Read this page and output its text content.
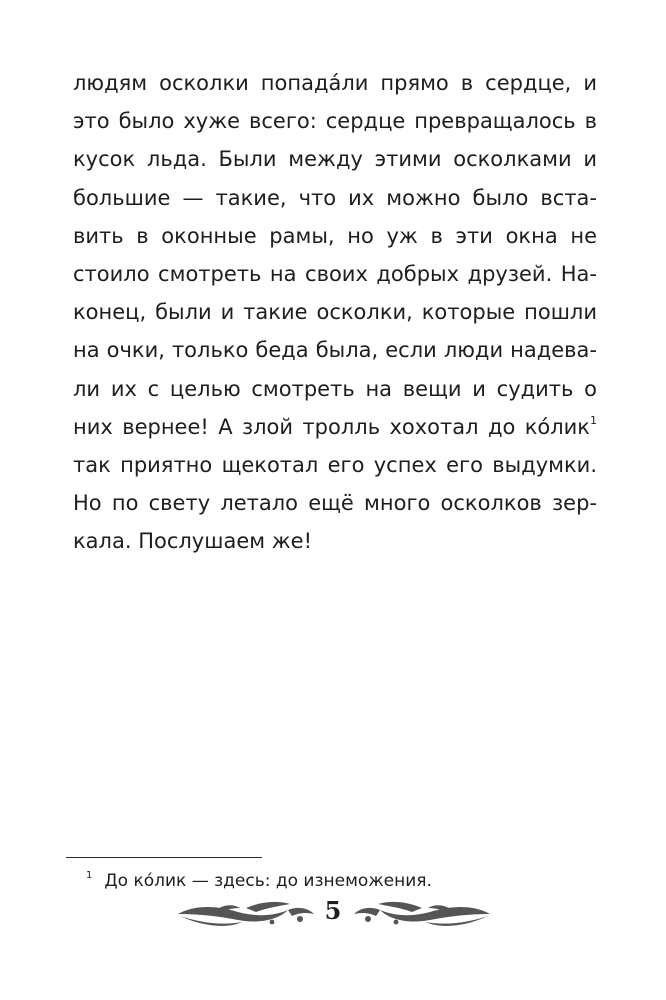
людям осколки попада́ли прямо в сердце, и
это было хуже всего: сердце превращалось в
кусок льда. Были между этими осколками и
большие — такие, что их можно было вста-
вить в оконные рамы, но уж в эти окна не
стоило смотреть на своих добрых друзей. На-
конец, были и такие осколки, которые пошли
на очки, только беда была, если люди надева-
ли их с целью смотреть на вещи и судить о
них вернее! А злой тролль хохотал до ко́лик$^1$
так приятно щекотал его успех его выдумки.
Но по свету летало ещё много осколков зер-
кала. Послушаем же!
$^1$ До ко́лик — здесь: до изнеможения.
5
